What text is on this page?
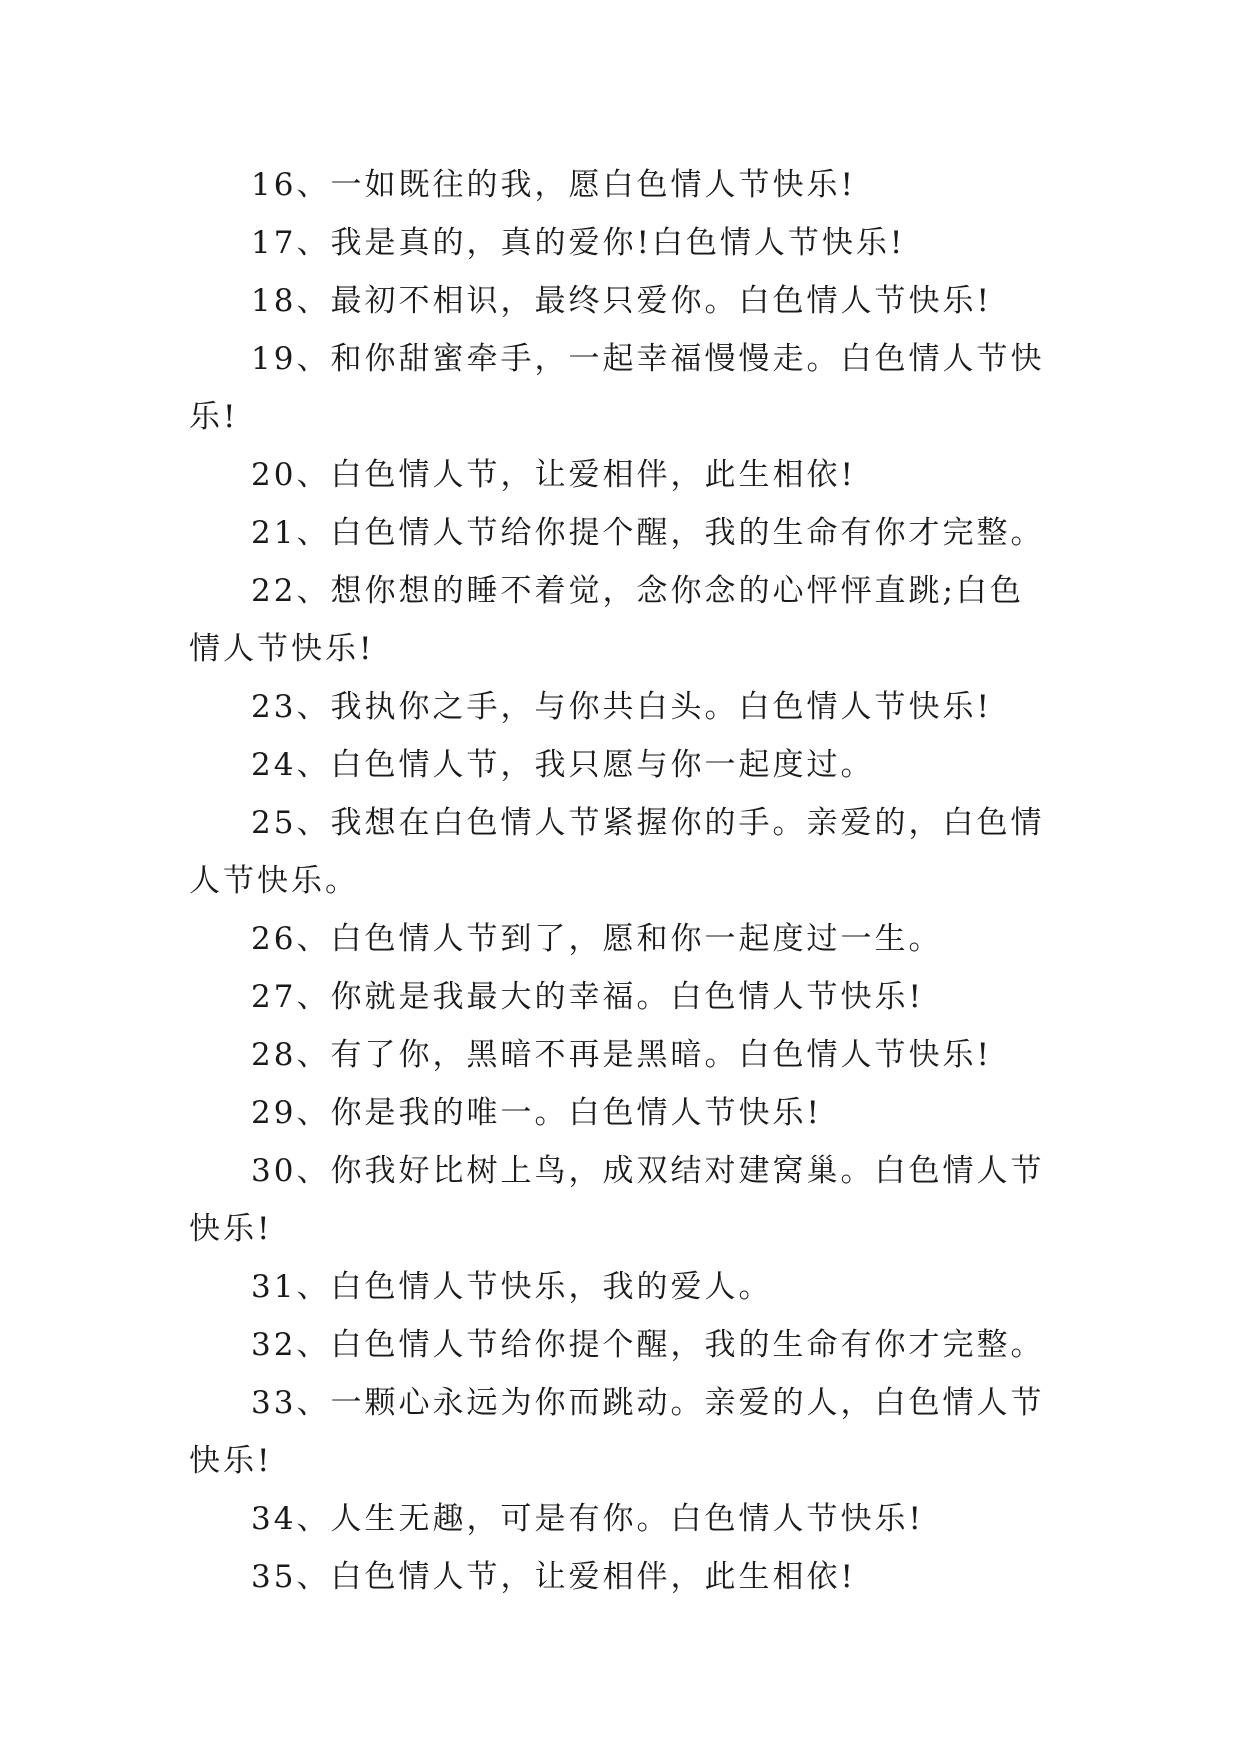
16、一如既往的我，愿白色情人节快乐!
17、我是真的，真的爱你!白色情人节快乐!
18、最初不相识，最终只爱你。白色情人节快乐!
19、和你甜蜜牵手，一起幸福慢慢走。白色情人节快乐!
20、白色情人节，让爱相伴，此生相依!
21、白色情人节给你提个醒，我的生命有你才完整。
22、想你想的睡不着觉，念你念的心怦怦直跳;白色情人节快乐!
23、我执你之手，与你共白头。白色情人节快乐!
24、白色情人节，我只愿与你一起度过。
25、我想在白色情人节紧握你的手。亲爱的，白色情人节快乐。
26、白色情人节到了，愿和你一起度过一生。
27、你就是我最大的幸福。白色情人节快乐!
28、有了你，黑暗不再是黑暗。白色情人节快乐!
29、你是我的唯一。白色情人节快乐!
30、你我好比树上鸟，成双结对建窝巢。白色情人节快乐!
31、白色情人节快乐，我的爱人。
32、白色情人节给你提个醒，我的生命有你才完整。
33、一颗心永远为你而跳动。亲爱的人，白色情人节快乐!
34、人生无趣，可是有你。白色情人节快乐!
35、白色情人节，让爱相伴，此生相依!
